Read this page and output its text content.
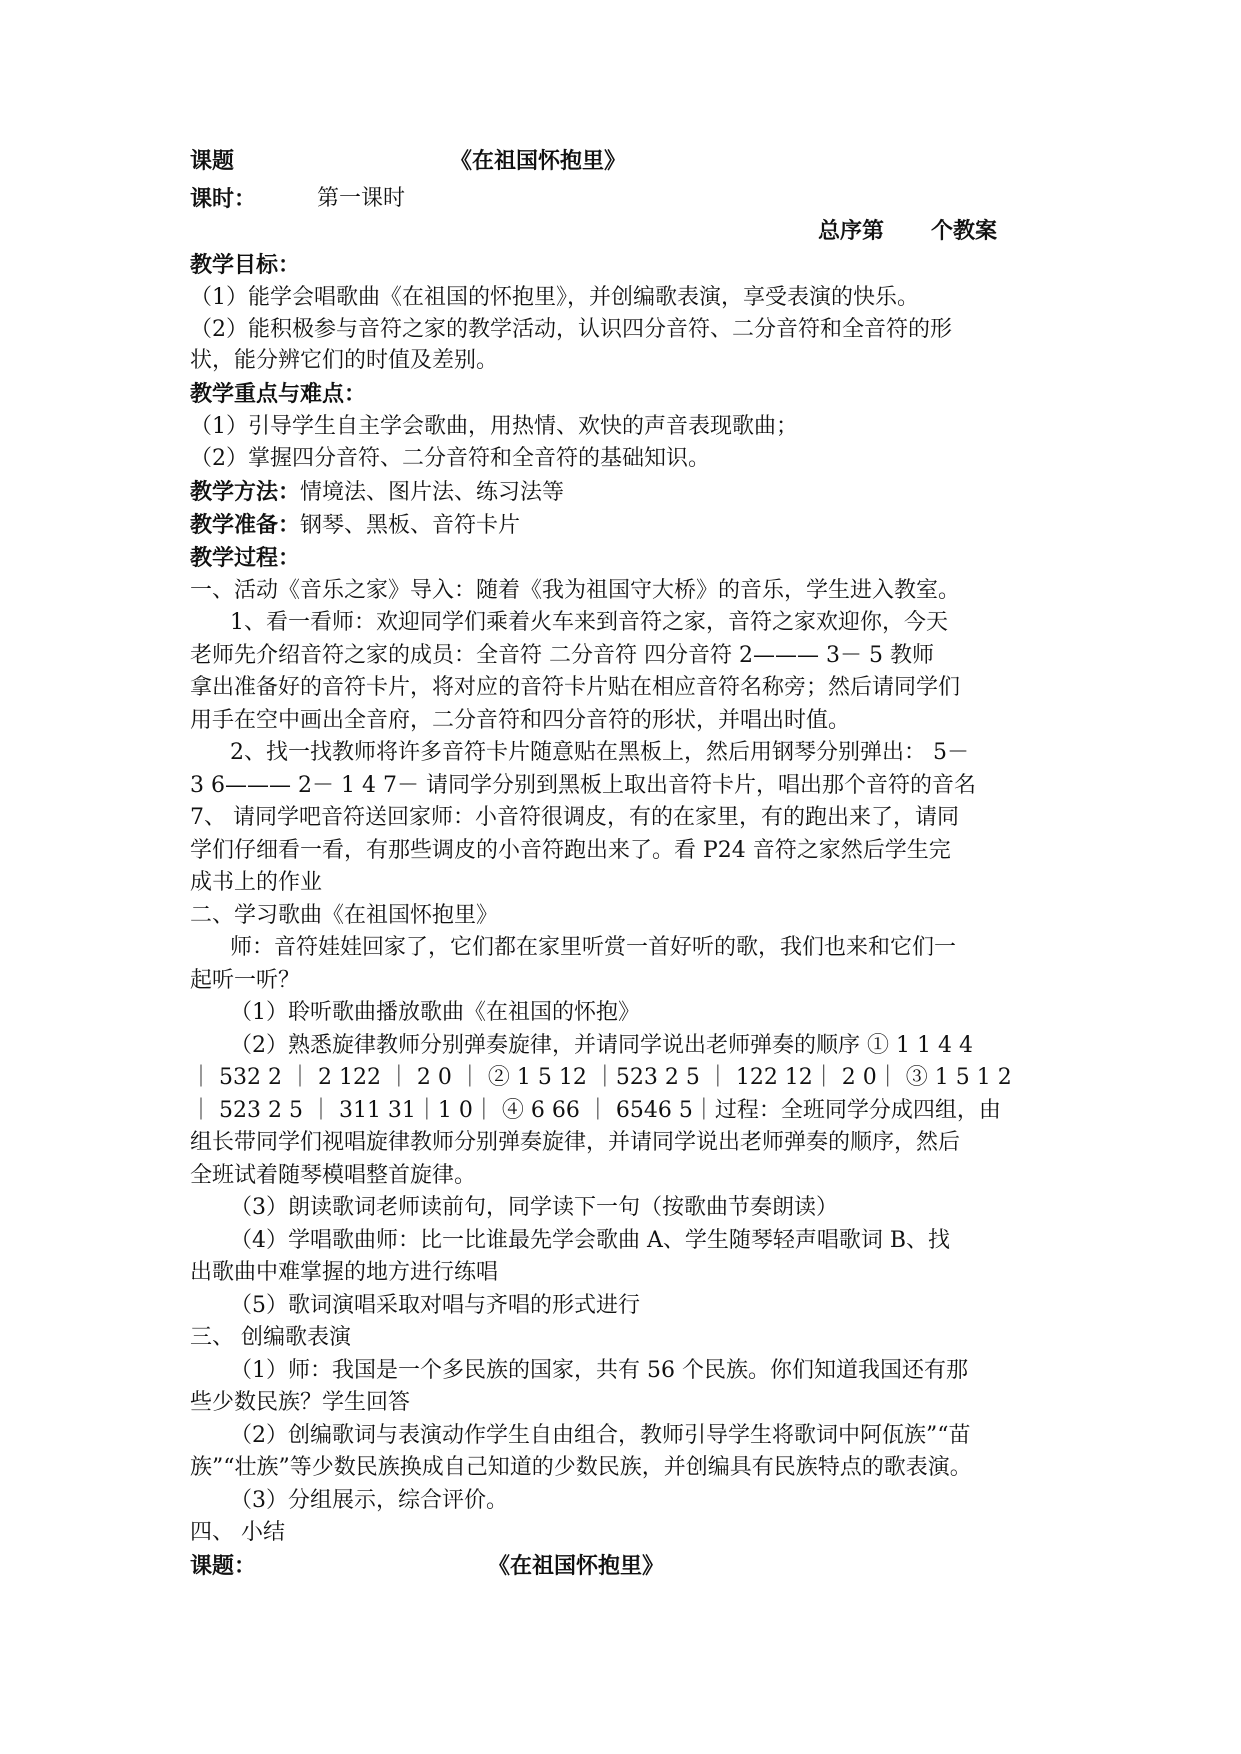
课题	《在祖国怀抱里》
课时：	第一课时
总序第 个教案
教学目标：
（1）能学会唱歌曲《在祖国的怀抱里》，并创编歌表演，享受表演的快乐。
（2）能积极参与音符之家的教学活动，认识四分音符、二分音符和全音符的形
状，能分辨它们的时值及差别。
教学重点与难点：
（1）引导学生自主学会歌曲，用热情、欢快的声音表现歌曲；
（2）掌握四分音符、二分音符和全音符的基础知识。
教学方法：情境法、图片法、练习法等
教学准备：钢琴、黑板、音符卡片
教学过程：
一、活动《音乐之家》导入：随着《我为祖国守大桥》的音乐，学生进入教室。
1、看一看师：欢迎同学们乘着火车来到音符之家，音符之家欢迎你，今天
老师先介绍音符之家的成员：全音符 二分音符 四分音符 2——— 3－ 5 教师
拿出准备好的音符卡片，将对应的音符卡片贴在相应音符名称旁；然后请同学们
用手在空中画出全音府，二分音符和四分音符的形状，并唱出时值。
2、找一找教师将许多音符卡片随意贴在黑板上，然后用钢琴分别弹出： 5－
3 6——— 2－ 1 4 7－ 请同学分别到黑板上取出音符卡片，唱出那个音符的音名
7、 请同学吧音符送回家师：小音符很调皮，有的在家里，有的跑出来了，请同
学们仔细看一看，有那些调皮的小音符跑出来了。看 P24 音符之家然后学生完
成书上的作业
二、学习歌曲《在祖国怀抱里》
师：音符娃娃回家了，它们都在家里听赏一首好听的歌，我们也来和它们一
起听一听？
（1）聆听歌曲播放歌曲《在祖国的怀抱》
（2）熟悉旋律教师分别弹奏旋律，并请同学说出老师弹奏的顺序 ① 1 1 4 4
｜ 532 2 ｜ 2 122 ｜ 2 0 ｜ ② 1 5 12 ｜523 2 5 ｜ 122 12｜ 2 0｜ ③ 1 5 1 2
｜ 523 2 5 ｜ 311 31｜1 0｜ ④ 6 66 ｜ 6546 5｜过程：全班同学分成四组，由
组长带同学们视唱旋律教师分别弹奏旋律，并请同学说出老师弹奏的顺序，然后
全班试着随琴模唱整首旋律。
（3）朗读歌词老师读前句，同学读下一句（按歌曲节奏朗读）
（4）学唱歌曲师：比一比谁最先学会歌曲 A、学生随琴轻声唱歌词 B、找
出歌曲中难掌握的地方进行练唱
（5）歌词演唱采取对唱与齐唱的形式进行
三、 创编歌表演
（1）师：我国是一个多民族的国家，共有 56 个民族。你们知道我国还有那
些少数民族？学生回答
（2）创编歌词与表演动作学生自由组合，教师引导学生将歌词中阿佤族”“苗
族”“壮族”等少数民族换成自己知道的少数民族，并创编具有民族特点的歌表演。
（3）分组展示，综合评价。
四、 小结
课题：	《在祖国怀抱里》
